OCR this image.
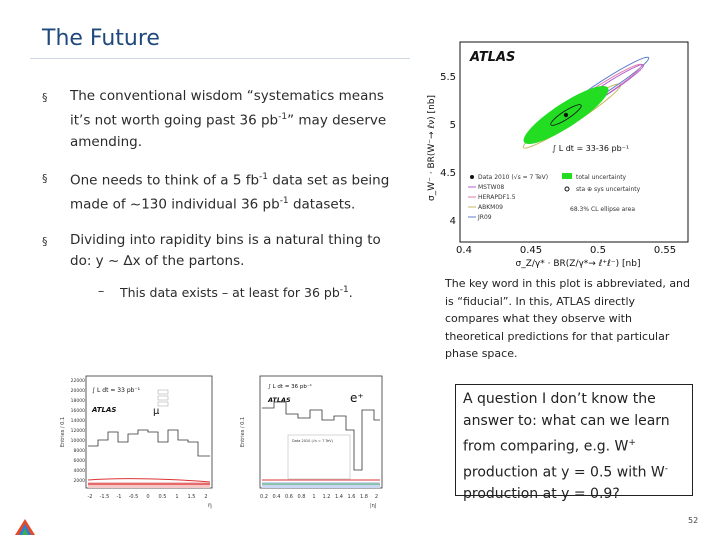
The Future
§ The conventional wisdom “systematics means it’s not worth going past 36 $pb^{-1}$” may deserve amending.
§ One needs to think of a 5 $fb^{-1}$ data set as being made of ~130 individual 36 $pb^{-1}$ datasets.
§ Dividing into rapidity bins is a natural thing to do: y ~ ∆x of the partons.
– This data exists – at least for 36 $pb^{-1}$.
ATLAS
σ_W⁻ · BR(W⁻→ ℓν) [nb]
σ_Z/γ* · BR(Z/γ*→ ℓ⁺ℓ⁻) [nb]
5.5
5
4.5
4
0.4	0.45	0.5	0.55
∫ L dt = 33-36 pb⁻¹
Data 2010 (√s = 7 TeV)
MSTW08
HERAPDF1.5
ABKM09
JR09
total uncertainty
sta ⊕ sys uncertainty
68.3% CL ellipse area
The key word in this plot is abbreviated, and is “fiducial”. In this, ATLAS directly compares what they observe with theoretical predictions for that particular phase space.
Entries / 0.1
22000
20000
18000
16000
14000
12000
10000
8000
6000
4000
2000
-2 -1.5 -1 -0.5 0 0.5 1 1.5 2
η
∫ L dt = 33 pb⁻¹
ATLAS	μ
Entries / 0.1
0.2 0.4 0.6 0.8 1 1.2 1.4 1.6 1.8 2
|η|
∫ L dt = 36 pb⁻¹
ATLAS	e⁺
Data 2010 (√s = 7 TeV)
A question I don’t know the answer to: what can we learn from comparing, e.g. W+ production at y = 0.5 with W- production at y = 0.9?
52
